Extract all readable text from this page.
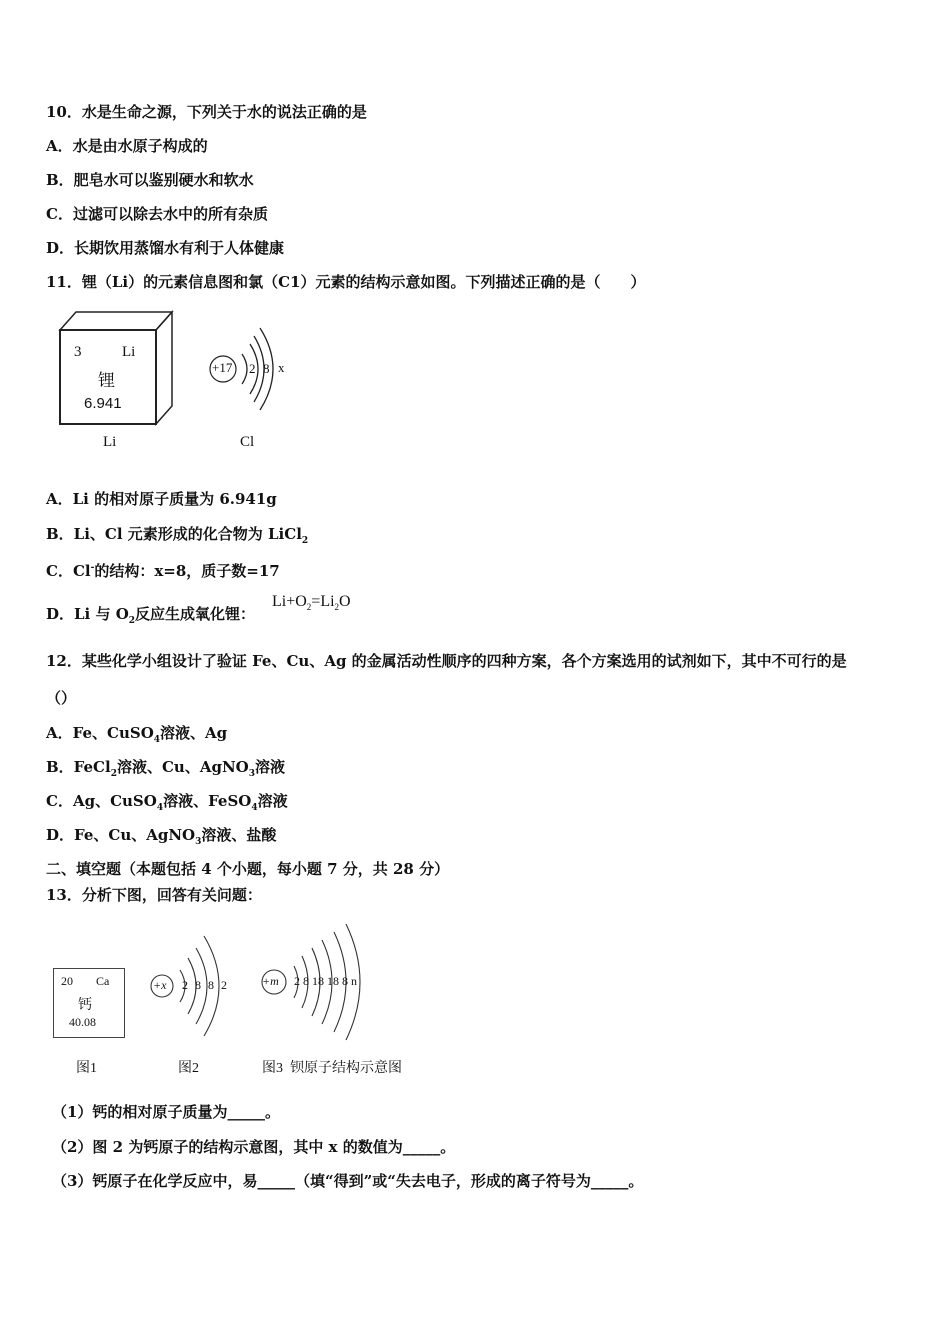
10．水是生命之源，下列关于水的说法正确的是
A．水是由水原子构成的
B．肥皂水可以鉴别硬水和软水
C．过滤可以除去水中的所有杂质
D．长期饮用蒸馏水有利于人体健康
11．锂（Li）的元素信息图和氯（C1）元素的结构示意如图。下列描述正确的是（　　）
3	Li
锂
6.941
Li
+17 2 8 x
Cl
A．Li 的相对原子质量为 6.941g
B．Li、Cl 元素形成的化合物为 LiCl$_2$
C．Cl-的结构：x=8，质子数=17
D．Li 与 $O_2$反应生成氧化锂：
$Li+O_2=Li_2O$
12．某些化学小组设计了验证 Fe、Cu、Ag 的金属活动性顺序的四种方案，各个方案选用的试剂如下，其中不可行的是
（）
A．Fe、CuSO$_4$溶液、Ag
B．FeCl$_2$溶液、Cu、AgNO$_3$溶液
C．Ag、CuSO$_4$溶液、FeSO$_4$溶液
D．Fe、Cu、AgNO$_3$溶液、盐酸
二、填空题（本题包括 4 个小题，每小题 7 分，共 28 分）
13．分析下图，回答有关问题：
20 Ca
钙
40.08
+x 2 8 8 2	+m 2 8 18 18 8 n
图1	图2	图3  钡原子结构示意图
（1）钙的相对原子质量为_____。
（2）图 2 为钙原子的结构示意图，其中 x 的数值为_____。
（3）钙原子在化学反应中，易_____（填“得到”或“失去电子，形成的离子符号为_____。
